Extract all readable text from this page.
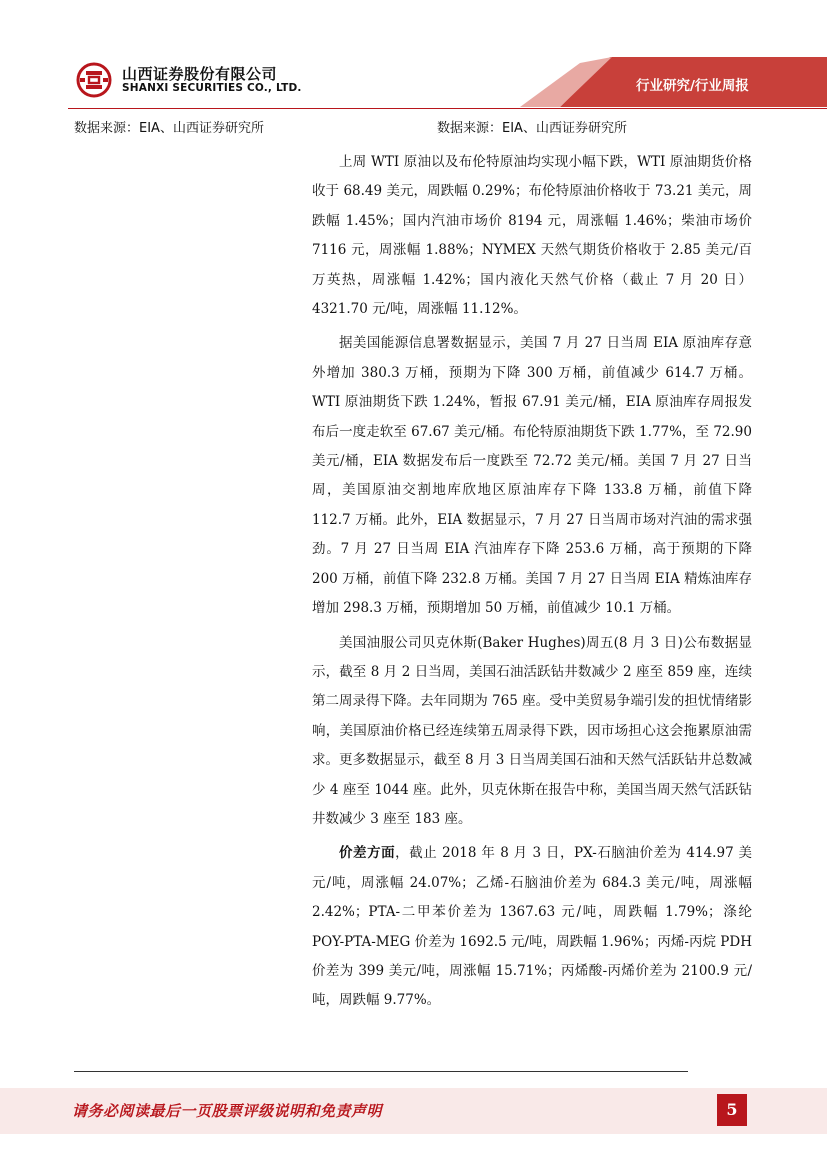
山西证券股份有限公司
SHANXI SECURITIES CO., LTD.	行业研究/行业周报
数据来源：EIA、山西证券研究所	数据来源：EIA、山西证券研究所

上周 WTI 原油以及布伦特原油均实现小幅下跌，WTI 原油期货价格收于 68.49 美元，周跌幅 0.29%；布伦特原油价格收于 73.21 美元，周跌幅 1.45%；国内汽油市场价 8194 元，周涨幅 1.46%；柴油市场价 7116 元，周涨幅 1.88%；NYMEX 天然气期货价格收于 2.85 美元/百万英热，周涨幅 1.42%；国内液化天然气价格（截止 7 月 20 日）4321.70 元/吨，周涨幅 11.12%。

据美国能源信息署数据显示，美国 7 月 27 日当周 EIA 原油库存意外增加 380.3 万桶，预期为下降 300 万桶，前值减少 614.7 万桶。WTI 原油期货下跌 1.24%，暂报 67.91 美元/桶，EIA 原油库存周报发布后一度走软至 67.67 美元/桶。布伦特原油期货下跌 1.77%，至 72.90 美元/桶，EIA 数据发布后一度跌至 72.72 美元/桶。美国 7 月 27 日当周，美国原油交割地库欣地区原油库存下降 133.8 万桶，前值下降 112.7 万桶。此外，EIA 数据显示，7 月 27 日当周市场对汽油的需求强劲。7 月 27 日当周 EIA 汽油库存下降 253.6 万桶，高于预期的下降 200 万桶，前值下降 232.8 万桶。美国 7 月 27 日当周 EIA 精炼油库存增加 298.3 万桶，预期增加 50 万桶，前值减少 10.1 万桶。

美国油服公司贝克休斯(Baker Hughes)周五(8 月 3 日)公布数据显示，截至 8 月 2 日当周，美国石油活跃钻井数减少 2 座至 859 座，连续第二周录得下降。去年同期为 765 座。受中美贸易争端引发的担忧情绪影响，美国原油价格已经连续第五周录得下跌，因市场担心这会拖累原油需求。更多数据显示，截至 8 月 3 日当周美国石油和天然气活跃钻井总数减少 4 座至 1044 座。此外，贝克休斯在报告中称，美国当周天然气活跃钻井数减少 3 座至 183 座。

价差方面，截止 2018 年 8 月 3 日，PX-石脑油价差为 414.97 美元/吨，周涨幅 24.07%；乙烯-石脑油价差为 684.3 美元/吨，周涨幅 2.42%；PTA-二甲苯价差为 1367.63 元/吨，周跌幅 1.79%；涤纶 POY-PTA-MEG 价差为 1692.5 元/吨，周跌幅 1.96%；丙烯-丙烷 PDH 价差为 399 美元/吨，周涨幅 15.71%；丙烯酸-丙烯价差为 2100.9 元/吨，周跌幅 9.77%。

请务必阅读最后一页股票评级说明和免责声明	5
